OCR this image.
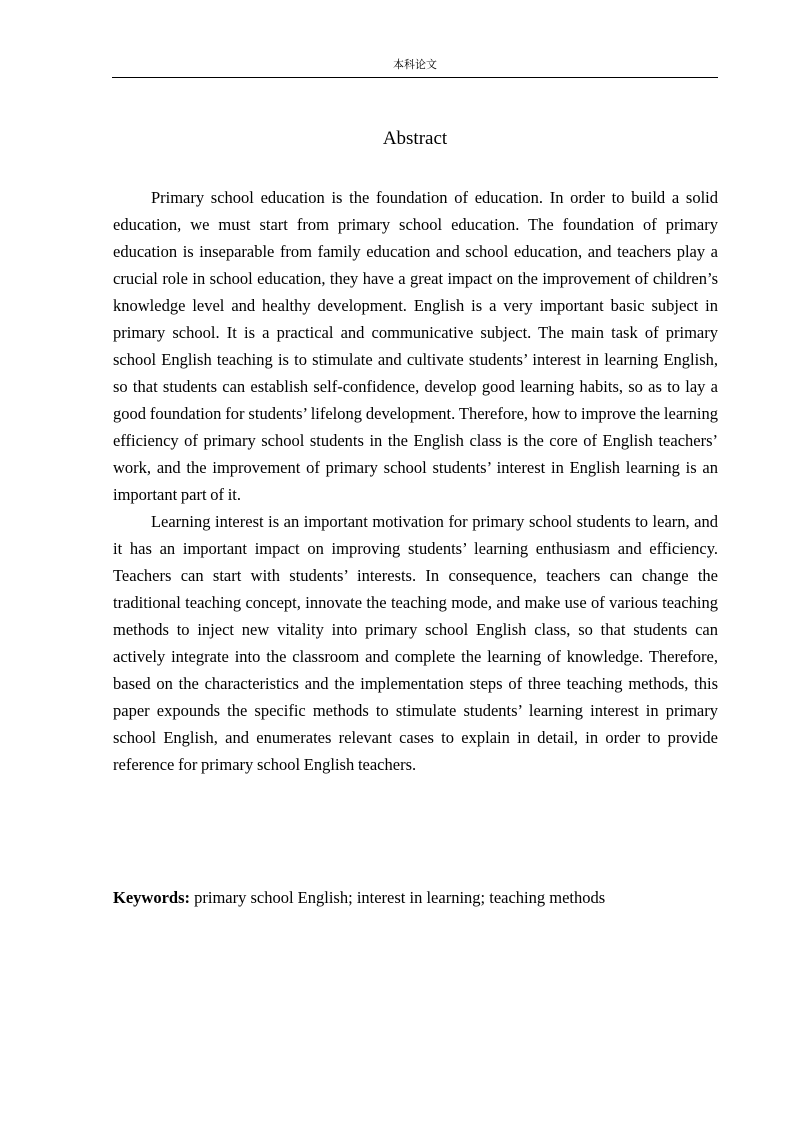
本科论文
Abstract

Primary school education is the foundation of education. In order to build a solid education, we must start from primary school education. The foundation of primary education is inseparable from family education and school education, and teachers play a crucial role in school education, they have a great impact on the improvement of children’s knowledge level and healthy development. English is a very important basic subject in primary school. It is a practical and communicative subject. The main task of primary school English teaching is to stimulate and cultivate students’ interest in learning English, so that students can establish self-confidence, develop good learning habits, so as to lay a good foundation for students’ lifelong development. Therefore, how to improve the learning efficiency of primary school students in the English class is the core of English teachers’ work, and the improvement of primary school students’ interest in English learning is an important part of it.

Learning interest is an important motivation for primary school students to learn, and it has an important impact on improving students’ learning enthusiasm and efficiency. Teachers can start with students’ interests. In consequence, teachers can change the traditional teaching concept, innovate the teaching mode, and make use of various teaching methods to inject new vitality into primary school English class, so that students can actively integrate into the classroom and complete the learning of knowledge. Therefore, based on the characteristics and the implementation steps of three teaching methods, this paper expounds the specific methods to stimulate students’ learning interest in primary school English, and enumerates relevant cases to explain in detail, in order to provide reference for primary school English teachers.

Keywords: primary school English; interest in learning; teaching methods
